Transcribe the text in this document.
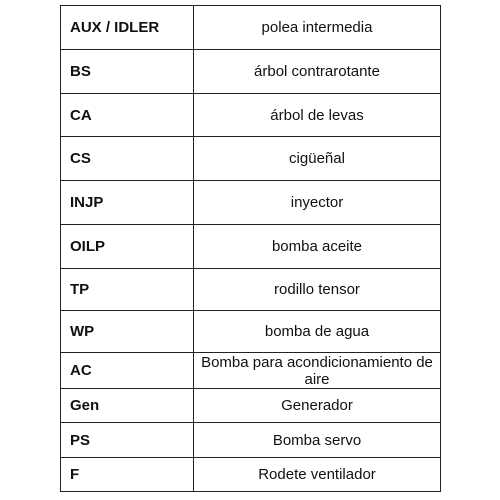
AUX / IDLER	polea intermedia
BS	árbol contrarotante
CA	árbol de levas
CS	cigüeñal
INJP	inyector
OILP	bomba aceite
TP	rodillo tensor
WP	bomba de agua
AC	Bomba para acondicionamiento de aire
Gen	Generador
PS	Bomba servo
F	Rodete ventilador
